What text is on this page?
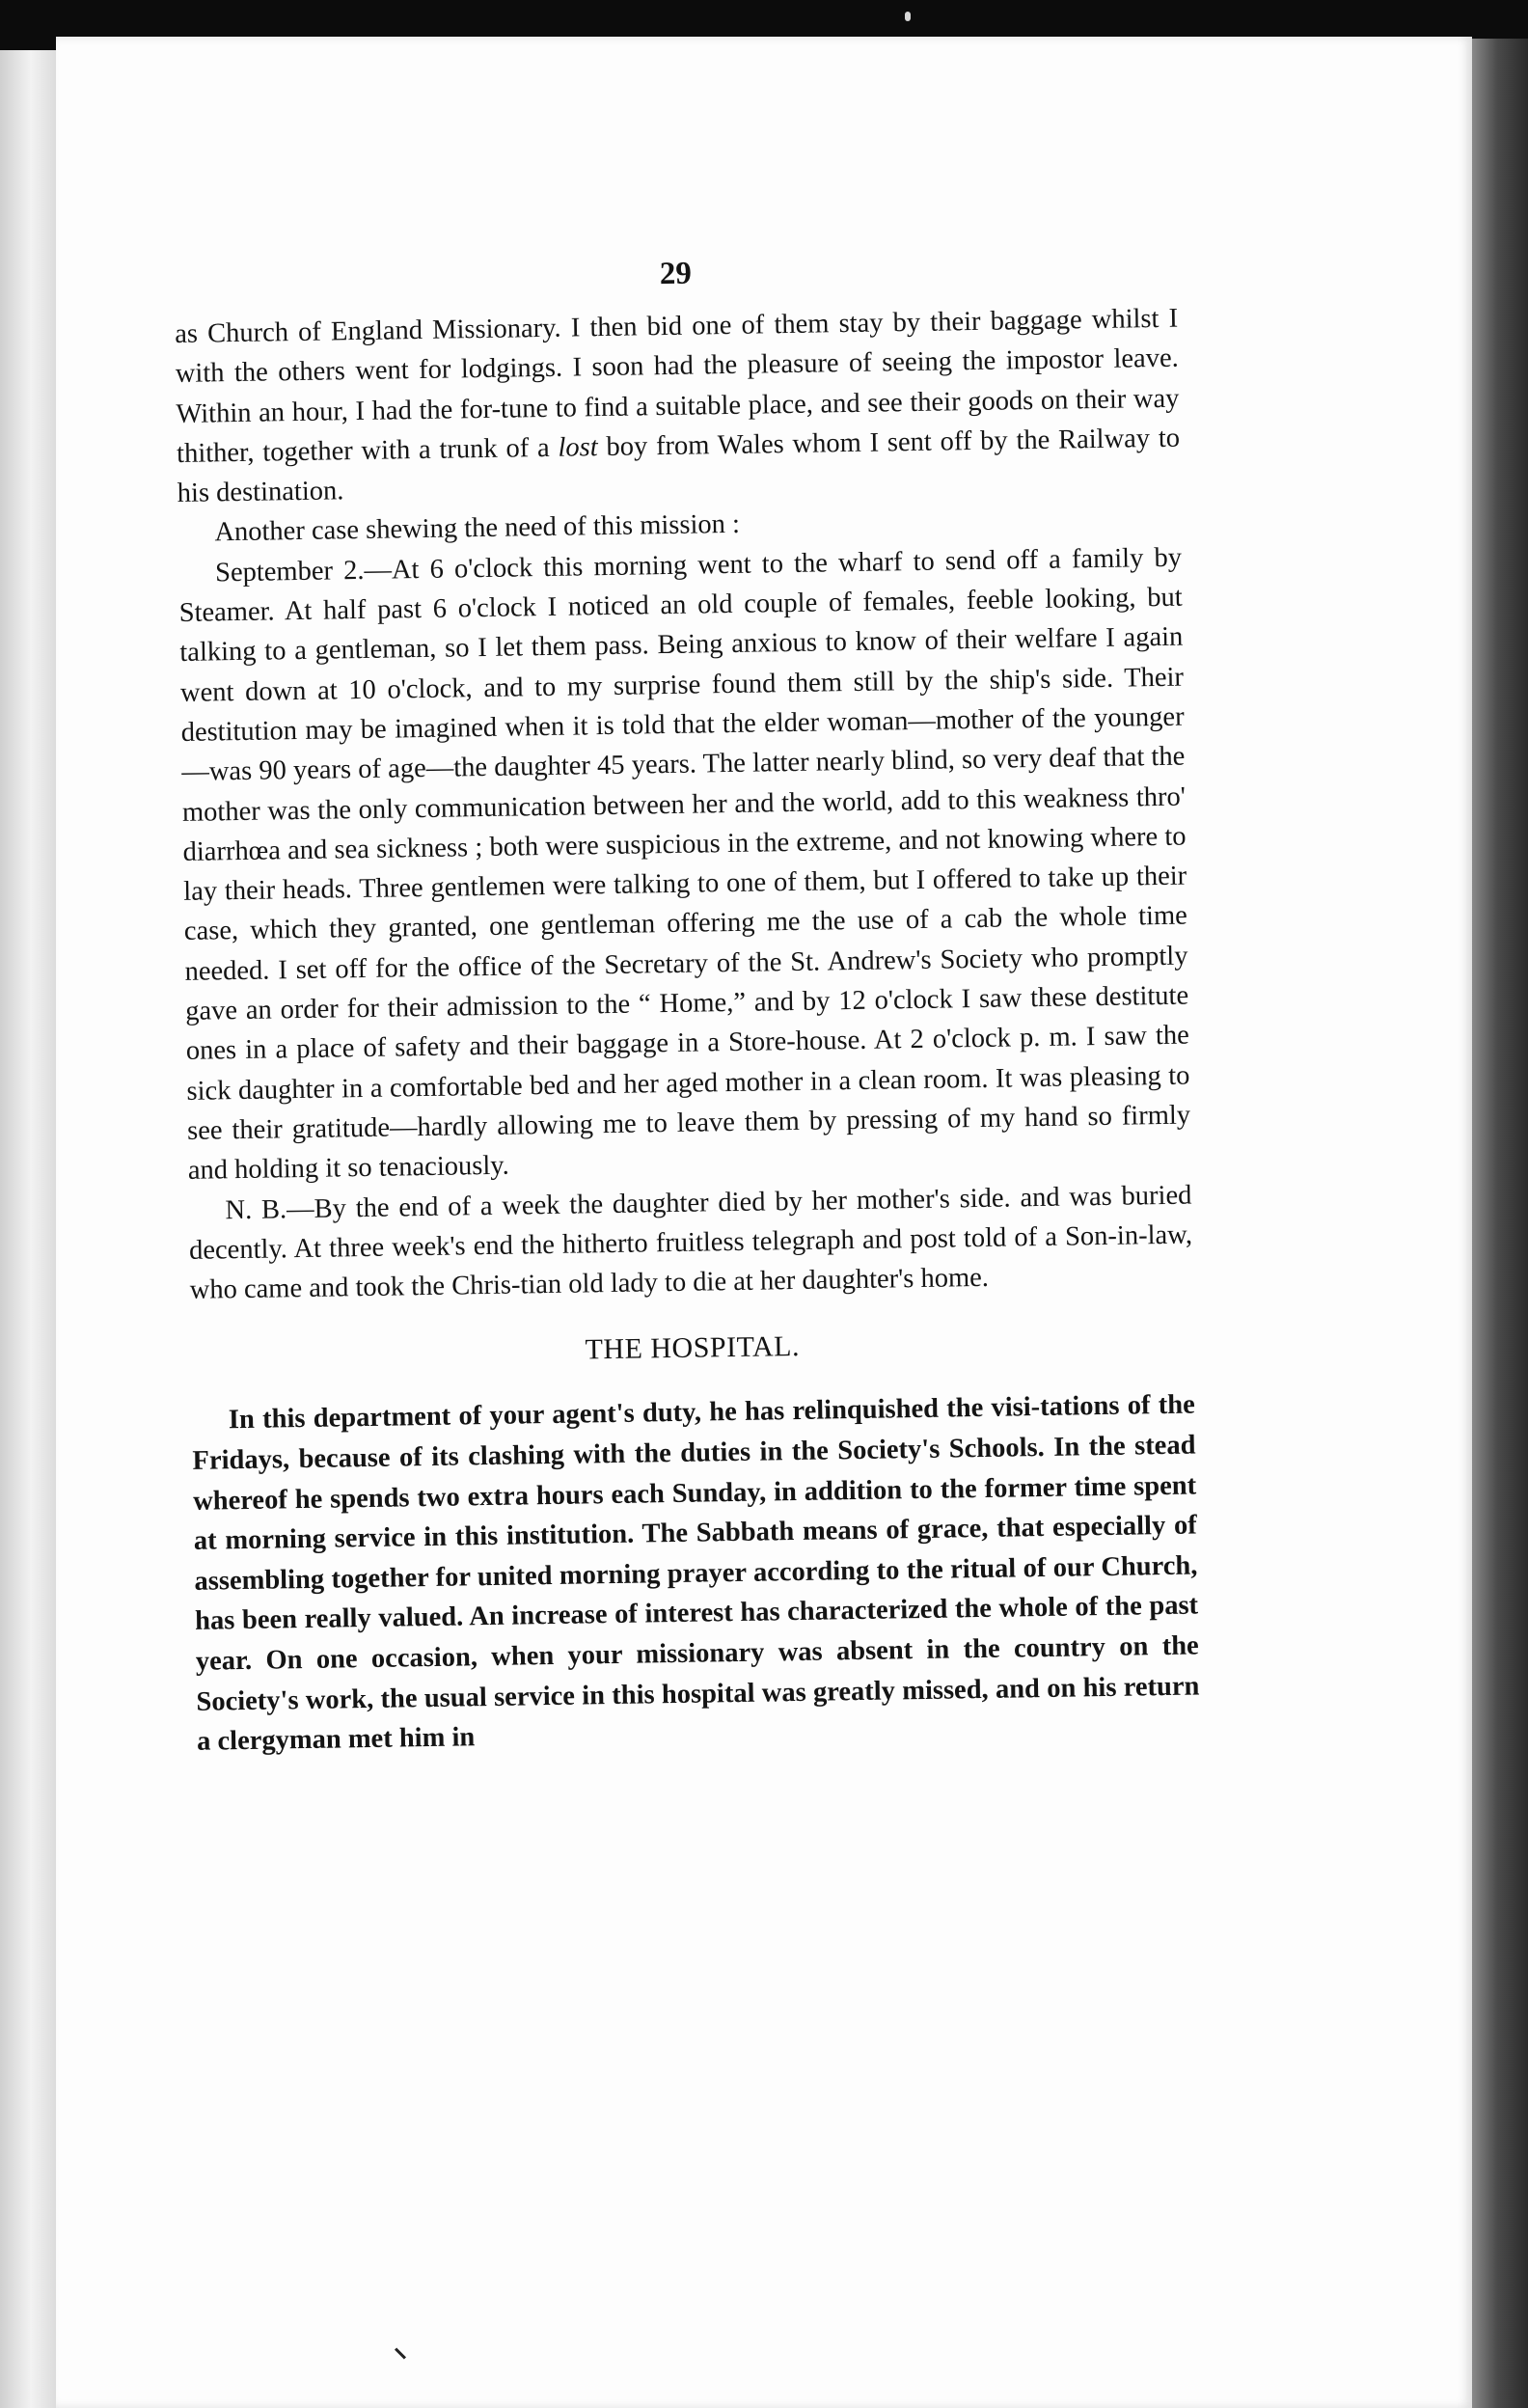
29

as Church of England Missionary. I then bid one of them stay by their baggage whilst I with the others went for lodgings. I soon had the pleasure of seeing the impostor leave. Within an hour, I had the for-tune to find a suitable place, and see their goods on their way thither, together with a trunk of a lost boy from Wales whom I sent off by the Railway to his destination.

Another case shewing the need of this mission :

September 2.—At 6 o'clock this morning went to the wharf to send off a family by Steamer. At half past 6 o'clock I noticed an old couple of females, feeble looking, but talking to a gentleman, so I let them pass. Being anxious to know of their welfare I again went down at 10 o'clock, and to my surprise found them still by the ship's side. Their destitution may be imagined when it is told that the elder woman—mother of the younger—was 90 years of age—the daughter 45 years. The latter nearly blind, so very deaf that the mother was the only communication between her and the world, add to this weakness thro' diarrhœa and sea sickness ; both were suspicious in the extreme, and not knowing where to lay their heads. Three gentlemen were talking to one of them, but I offered to take up their case, which they granted, one gentleman offering me the use of a cab the whole time needed. I set off for the office of the Secretary of the St. Andrew's Society who promptly gave an order for their admission to the “ Home,” and by 12 o'clock I saw these destitute ones in a place of safety and their baggage in a Store-house. At 2 o'clock p. m. I saw the sick daughter in a comfortable bed and her aged mother in a clean room. It was pleasing to see their gratitude—hardly allowing me to leave them by pressing of my hand so firmly and holding it so tenaciously.

N. B.—By the end of a week the daughter died by her mother's side. and was buried decently. At three week's end the hitherto fruitless telegraph and post told of a Son-in-law, who came and took the Chris-tian old lady to die at her daughter's home.

THE HOSPITAL.

In this department of your agent's duty, he has relinquished the visi-tations of the Fridays, because of its clashing with the duties in the Society's Schools. In the stead whereof he spends two extra hours each Sunday, in addition to the former time spent at morning service in this institution. The Sabbath means of grace, that especially of assembling together for united morning prayer according to the ritual of our Church, has been really valued. An increase of interest has characterized the whole of the past year. On one occasion, when your missionary was absent in the country on the Society's work, the usual service in this hospital was greatly missed, and on his return a clergyman met him in
